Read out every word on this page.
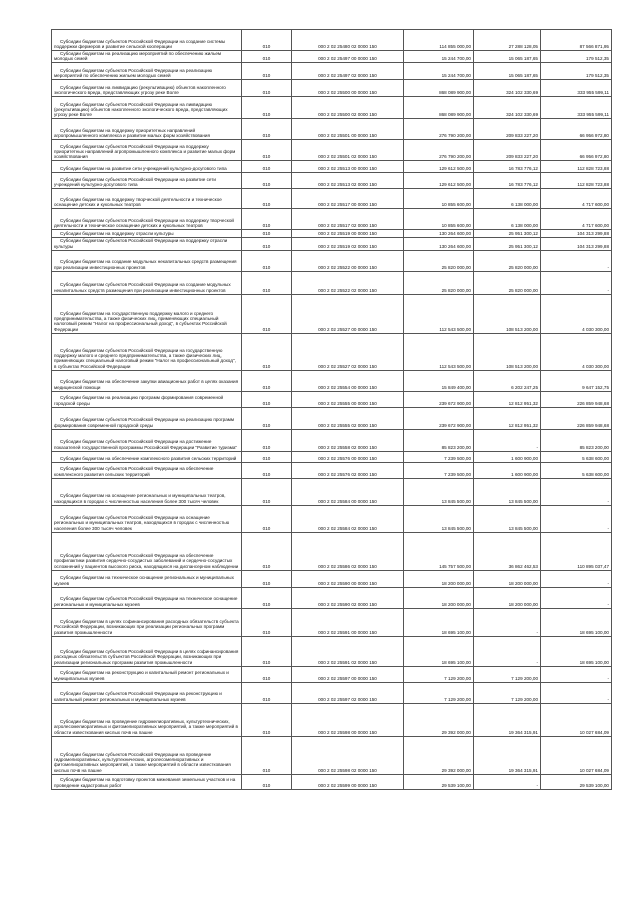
Субсидии бюджетам субъектов Российской Федерации на создание системы поддержки фермеров и развитие сельской кооперации	010	000 2 02 25480 02 0000 150	114 855 000,00	27 288 128,05	87 566 871,95

Субсидии бюджетам на реализацию мероприятий по обеспечению жильем молодых семей	010	000 2 02 25497 00 0000 150	15 244 700,00	15 065 187,65	179 512,35

Субсидии бюджетам субъектов Российской Федерации на реализацию мероприятий по обеспечению жильем молодых семей	010	000 2 02 25497 02 0000 150	15 244 700,00	15 065 187,65	179 512,35

Субсидии бюджетам на ликвидацию (рекультивацию) объектов накопленного экологического вреда, представляющих угрозу реке Волге	010	000 2 02 25500 00 0000 150	868 089 900,00	324 102 330,69	333 955 599,11

Субсидии бюджетам субъектов Российской Федерации на ликвидацию (рекультивацию) объектов накопленного экологического вреда, представляющих угрозу реке Волге	010	000 2 02 25500 02 0000 150	868 089 900,00	324 102 330,69	333 955 599,11

Субсидии бюджетам на поддержку приоритетных направлений агропромышленного комплекса и развитие малых форм хозяйствования	010	000 2 02 25501 00 0000 150	276 790 200,00	209 833 227,20	66 956 972,80

Субсидии бюджетам субъектов Российской Федерации на поддержку приоритетных направлений агропромышленного комплекса и развитие малых форм хозяйствования	010	000 2 02 25501 02 0000 150	276 790 200,00	209 833 227,20	66 956 972,80

Субсидии бюджетам на развитие сети учреждений культурно-досугового типа	010	000 2 02 25513 00 0000 150	129 612 500,00	16 783 776,12	112 828 723,88

Субсидии бюджетам субъектов Российской Федерации на развитие сети учреждений культурно-досугового типа	010	000 2 02 25513 02 0000 150	129 612 500,00	16 783 776,12	112 828 723,88

Субсидии бюджетам на поддержку творческой деятельности и техническое оснащение детских и кукольных театров	010	000 2 02 25517 00 0000 150	10 855 600,00	6 138 000,00	4 717 600,00

Субсидии бюджетам субъектов Российской Федерации на поддержку творческой деятельности и техническое оснащение детских и кукольных театров	010	000 2 02 25517 02 0000 150	10 855 600,00	6 138 000,00	4 717 600,00

Субсидии бюджетам на поддержку отрасли культуры	010	000 2 02 25519 00 0000 150	130 264 600,00	25 951 300,12	104 313 299,88

Субсидии бюджетам субъектов Российской Федерации на поддержку отрасли культуры	010	000 2 02 25519 02 0000 150	130 264 600,00	25 951 300,12	104 313 299,88

Субсидии бюджетам на создание модульных некапитальных средств размещения при реализации инвестиционных проектов	010	000 2 02 25522 00 0000 150	25 820 000,00	25 820 000,00	-

Субсидии бюджетам субъектов Российской Федерации на создание модульных некапитальных средств размещения при реализации инвестиционных проектов	010	000 2 02 25522 02 0000 150	25 820 000,00	25 820 000,00	-

Субсидии бюджетам на государственную поддержку малого и среднего предпринимательства, а также физических лиц, применяющих специальный налоговый режим "Налог на профессиональный доход", в субъектах Российской Федерации	010	000 2 02 25527 00 0000 150	112 543 500,00	108 513 200,00	4 030 300,00

Субсидии бюджетам субъектов Российской Федерации на государственную поддержку малого и среднего предпринимательства, а также физических лиц, применяющих специальный налоговый режим "Налог на профессиональный доход", в субъектах Российской Федерации	010	000 2 02 25527 02 0000 150	112 543 500,00	108 513 200,00	4 030 300,00

Субсидии бюджетам на обеспечение закупки авиационных работ в целях оказания медицинской помощи	010	000 2 02 25554 00 0000 150	15 849 400,00	6 202 247,25	9 647 152,75

Субсидии бюджетам на реализацию программ формирования современной городской среды	010	000 2 02 25555 00 0000 150	239 672 900,00	12 812 951,32	226 859 948,68

Субсидии бюджетам субъектов Российской Федерации на реализацию программ формирования современной городской среды	010	000 2 02 25555 02 0000 150	239 672 900,00	12 812 951,32	226 859 948,68

Субсидии бюджетам субъектов Российской Федерации на достижение показателей государственной программы Российской Федерации "Развитие туризма"	010	000 2 02 25558 02 0000 150	85 823 200,00	-	85 823 200,00

Субсидии бюджетам на обеспечение комплексного развития сельских территорий	010	000 2 02 25576 00 0000 150	7 239 500,00	1 600 900,00	5 638 600,00

Субсидии бюджетам субъектов Российской Федерации на обеспечение комплексного развития сельских территорий	010	000 2 02 25576 02 0000 150	7 239 500,00	1 600 900,00	5 638 600,00

Субсидии бюджетам на оснащение региональных и муниципальных театров, находящихся в городах с численностью населения более 300 тысяч человек	010	000 2 02 25584 00 0000 150	13 845 500,00	13 845 500,00	-

Субсидии бюджетам субъектов Российской Федерации на оснащение региональных и муниципальных театров, находящихся в городах с численностью населения более 300 тысяч человек	010	000 2 02 25584 02 0000 150	13 845 500,00	13 845 500,00	-

Субсидии бюджетам субъектов Российской Федерации на обеспечение профилактики развития сердечно-сосудистых заболеваний и сердечно-сосудистых осложнений у пациентов высокого риска, находящихся на диспансерном наблюдении	010	000 2 02 25586 02 0000 150	145 757 500,00	36 862 462,53	110 895 037,47

Субсидии бюджетам на техническое оснащение региональных и муниципальных музеев	010	000 2 02 25590 00 0000 150	18 200 000,00	18 200 000,00	-

Субсидии бюджетам субъектов Российской Федерации на техническое оснащение региональных и муниципальных музеев	010	000 2 02 25590 02 0000 150	18 200 000,00	18 200 000,00	-

Субсидии бюджетам в целях софинансирования расходных обязательств субъекта Российской Федерации, возникающих при реализации региональных программ развития промышленности	010	000 2 02 25591 00 0000 150	18 695 100,00	-	18 695 100,00

Субсидии бюджетам субъектов Российской Федерации в целях софинансирования расходных обязательств субъектов Российской Федерации, возникающих при реализации региональных программ развития промышленности	010	000 2 02 25591 02 0000 150	18 695 100,00	-	18 695 100,00

Субсидии бюджетам на реконструкцию и капитальный ремонт региональных и муниципальных музеев	010	000 2 02 25597 00 0000 150	7 129 200,00	7 129 200,00	-

Субсидии бюджетам субъектов Российской Федерации на реконструкцию и капитальный ремонт региональных и муниципальных музеев	010	000 2 02 25597 02 0000 150	7 129 200,00	7 129 200,00	-

Субсидии бюджетам на проведение гидромелиоративных, культуртехнических, агролесомелиоративных и фитомелиоративных мероприятий, а также мероприятий в области известкования кислых почв на пашне	010	000 2 02 25598 00 0000 150	29 392 000,00	19 364 315,91	10 027 684,09

Субсидии бюджетам субъектов Российской Федерации на проведение гидромелиоративных, культуртехнических, агролесомелиоративных и фитомелиоративных мероприятий, а также мероприятий в области известкования кислых почв на пашне	010	000 2 02 25598 02 0000 150	29 392 000,00	19 364 315,91	10 027 684,09

Субсидии бюджетам на подготовку проектов межевания земельных участков и на проведение кадастровых работ	010	000 2 02 25599 00 0000 150	29 539 100,00	-	29 539 100,00
